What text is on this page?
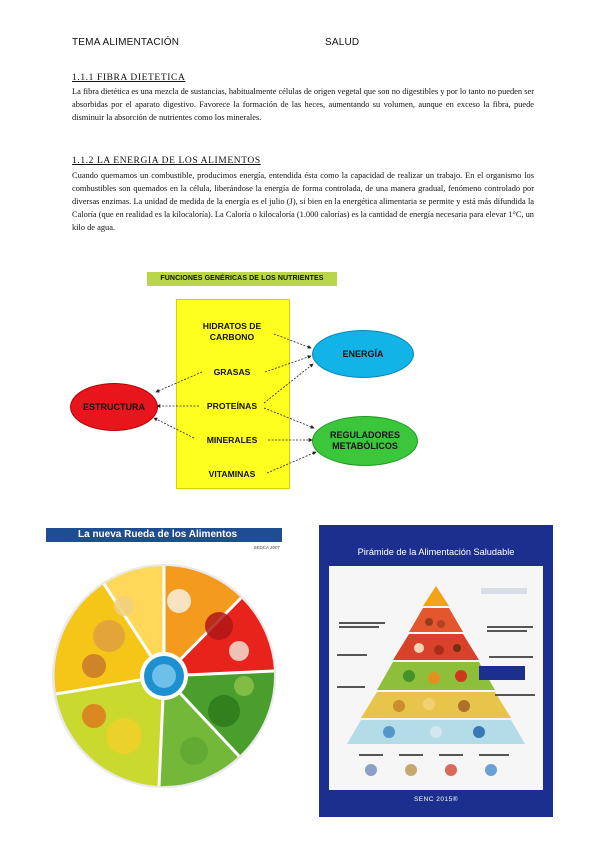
TEMA ALIMENTACIÓN	SALUD
1.1.1 FIBRA DIETETICA
La fibra dietética es una mezcla de sustancias, habitualmente células de origen vegetal que son no digestibles y por lo tanto no pueden ser absorbidas por el aparato digestivo. Favorece la formación de las heces, aumentando su volumen, aunque en exceso la fibra, puede disminuir la absorción de nutrientes como los minerales.
1.1.2 LA ENERGIA DE LOS ALIMENTOS
Cuando quemamos un combustible, producimos energía, entendida ésta como la capacidad de realizar un trabajo. En el organismo los combustibles son quemados en la célula, liberándose la energía de forma controlada, de una manera gradual, fenómeno controlado por diversas enzimas. La unidad de medida de la energía es el julio (J), si bien en la energética alimentaria se permite y está más difundida la Caloría (que en realidad es la kilocaloría). La Caloría o kilocaloría (1.000 calorías) es la cantidad de energía necesaria para elevar 1°C, un kilo de agua.
FUNCIONES GENÉRICAS DE LOS NUTRIENTES
HIDRATOS DE CARBONO
GRASAS
PROTEÍNAS
MINERALES
VITAMINAS
ESTRUCTURA
ENERGÍA
REGULADORES METABÓLICOS
La nueva Rueda de los Alimentos
SEDCA 2007	Pirámide de la Alimentación Saludable
SENC 2015®
